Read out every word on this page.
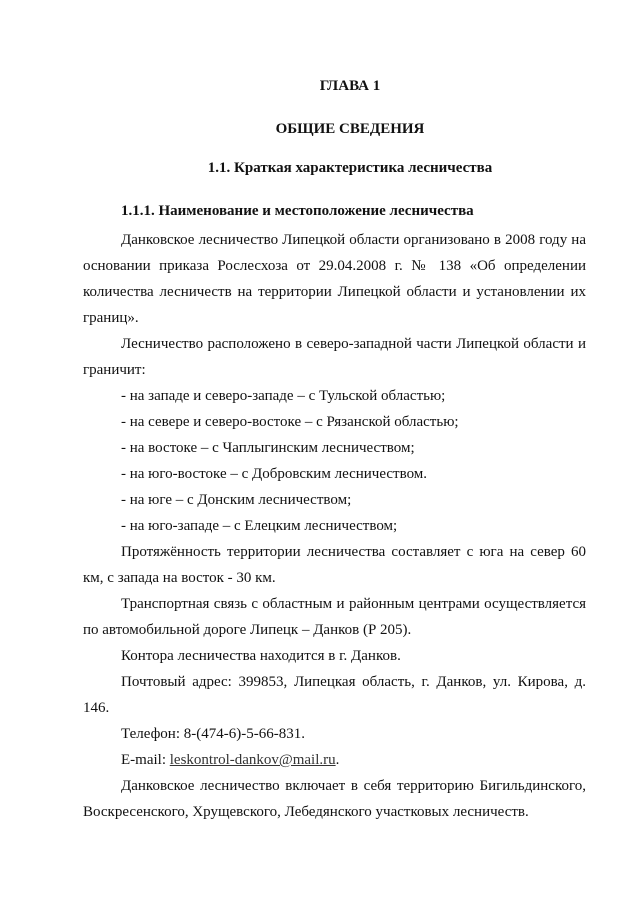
ГЛАВА 1
ОБЩИЕ СВЕДЕНИЯ
1.1. Краткая характеристика лесничества
1.1.1. Наименование и местоположение лесничества

Данковское лесничество Липецкой области организовано в 2008 году на основании приказа Рослесхоза от 29.04.2008 г. № 138 «Об определении количества лесничеств на территории Липецкой области и установлении их границ».

Лесничество расположено в северо-западной части Липецкой области и граничит:

- на западе и северо-западе – с Тульской областью;

- на севере и северо-востоке – с Рязанской областью;

- на востоке – с Чаплыгинским лесничеством;

- на юго-востоке – с Добровским лесничеством.

- на юге – с Донским лесничеством;

- на юго-западе – с Елецким лесничеством;

Протяжённость территории лесничества составляет с юга на север 60 км, с запада на восток - 30 км.

Транспортная связь с областным и районным центрами осуществляется по автомобильной дороге Липецк – Данков (Р 205).

Контора лесничества находится в г. Данков.

Почтовый адрес: 399853, Липецкая область, г. Данков, ул. Кирова, д. 146.

Телефон: 8-(474-6)-5-66-831.

E-mail: leskontrol-dankov@mail.ru.

Данковское лесничество включает в себя территорию Бигильдинского, Воскресенского, Хрущевского, Лебедянского участковых лесничеств.
